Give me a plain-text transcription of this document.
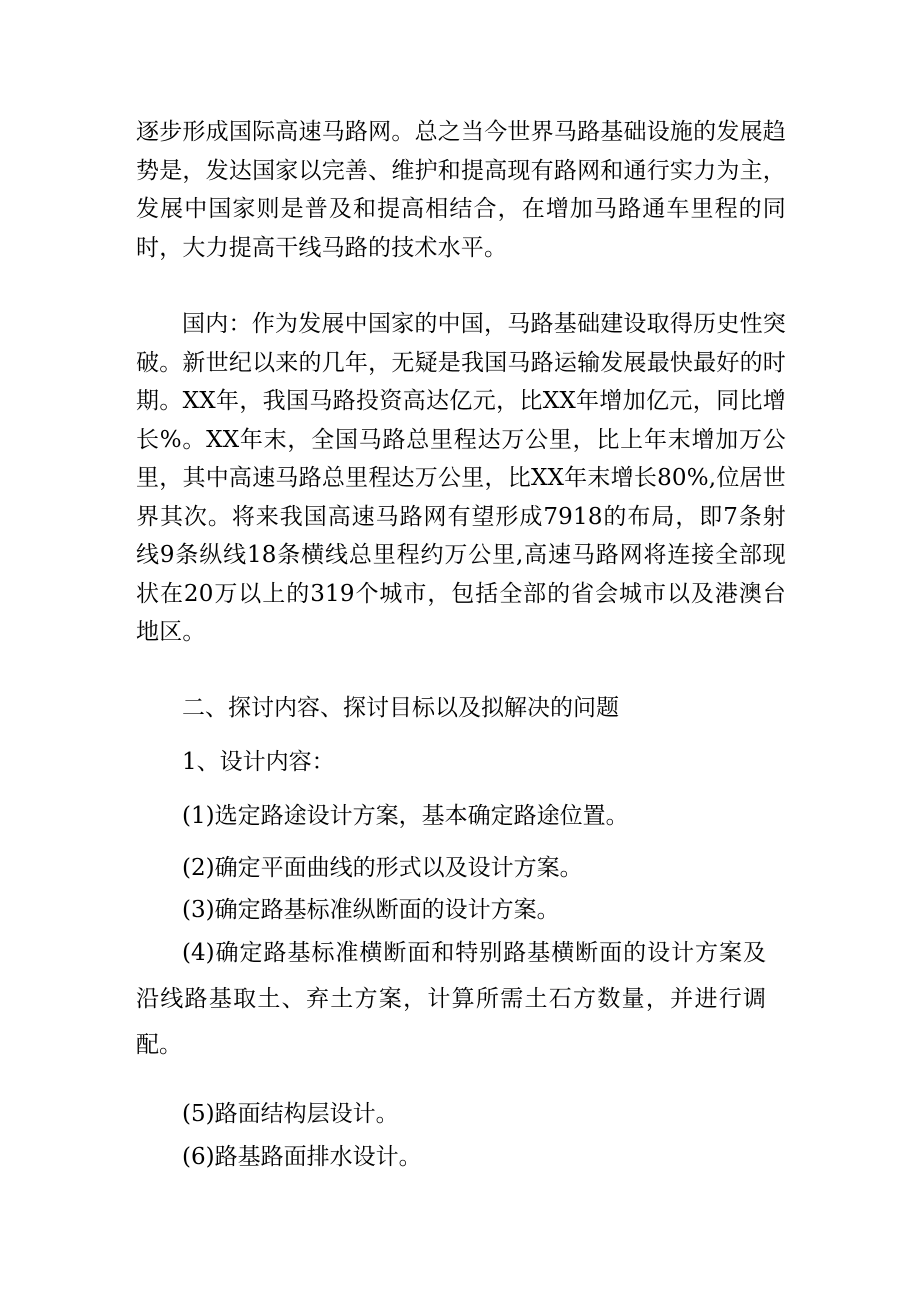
逐步形成国际高速马路网。总之当今世界马路基础设施的发展趋势是，发达国家以完善、维护和提高现有路网和通行实力为主，发展中国家则是普及和提高相结合，在增加马路通车里程的同时，大力提高干线马路的技术水平。

国内：作为发展中国家的中国，马路基础建设取得历史性突破。新世纪以来的几年，无疑是我国马路运输发展最快最好的时期。XX年，我国马路投资高达亿元，比XX年增加亿元，同比增长%。XX年末，全国马路总里程达万公里，比上年末增加万公里，其中高速马路总里程达万公里，比XX年末增长80%,位居世界其次。将来我国高速马路网有望形成7918的布局，即7条射线9条纵线18条横线总里程约万公里,高速马路网将连接全部现状在20万以上的319个城市，包括全部的省会城市以及港澳台地区。

二、探讨内容、探讨目标以及拟解决的问题

1、设计内容：

(1)选定路途设计方案，基本确定路途位置。

(2)确定平面曲线的形式以及设计方案。

(3)确定路基标准纵断面的设计方案。

(4)确定路基标准横断面和特别路基横断面的设计方案及沿线路基取土、弃土方案，计算所需土石方数量，并进行调配。

(5)路面结构层设计。

(6)路基路面排水设计。
